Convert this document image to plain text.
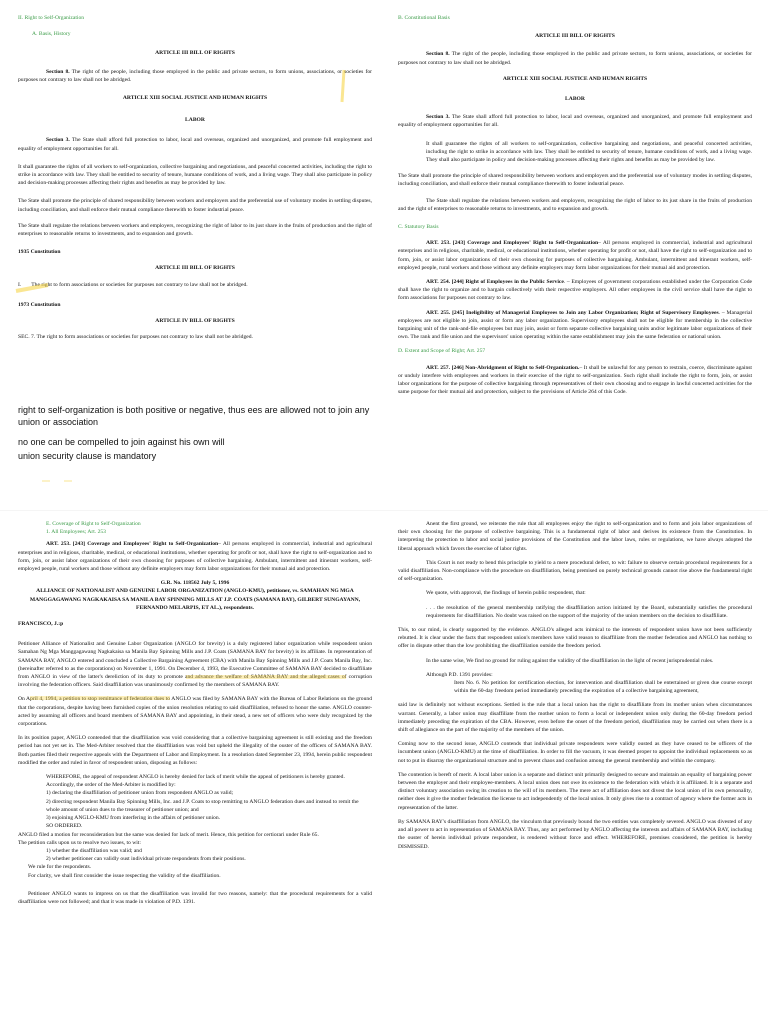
II. Right to Self-Organization
A. Basis, History
ARTICLE III BILL OF RIGHTS

Section 8. The right of the people, including those employed in the public and private sectors, to form unions, associations, or societies for purposes not contrary to law shall not be abridged.

ARTICLE XIII SOCIAL JUSTICE AND HUMAN RIGHTS
LABOR

Section 3. The State shall afford full protection to labor, local and overseas, organized and unorganized, and promote full employment and equality of employment opportunities for all.

It shall guarantee the rights of all workers to self-organization, collective bargaining and negotiations, and peaceful concerted activities, including the right to strike in accordance with law. They shall be entitled to security of tenure, humane conditions of work, and a living wage. They shall also participate in policy and decision-making processes affecting their rights and benefits as may be provided by law.

The State shall promote the principle of shared responsibility between workers and employers and the preferential use of voluntary modes in settling disputes, including conciliation, and shall enforce their mutual compliance therewith to foster industrial peace.

The State shall regulate the relations between workers and employers, recognizing the right of labor to its just share in the fruits of production and the right of enterprises to reasonable returns to investments, and to expansion and growth.

1935 Constitution
ARTICLE III BILL OF RIGHTS
I. The right to form associations or societies for purposes not contrary to law shall not be abridged.
1973 Constitution
ARTICLE IV BILL OF RIGHTS
SEC. 7. The right to form associations or societies for purposes not contrary to law shall not be abridged.
right to self-organization is both positive or negative, thus ees are allowed not to join any union or association
no one can be compelled to join against his own will
union security clause is mandatory
B. Constitutional Basis
ARTICLE III BILL OF RIGHTS

Section 8. The right of the people, including those employed in the public and private sectors, to form unions, associations, or societies for purposes not contrary to law shall not be abridged.

ARTICLE XIII SOCIAL JUSTICE AND HUMAN RIGHTS
LABOR

Section 3. The State shall afford full protection to labor, local and overseas, organized and unorganized, and promote full employment and equality of employment opportunities for all.

It shall guarantee the rights of all workers to self-organization, collective bargaining and negotiations, and peaceful concerted activities, including the right to strike in accordance with law. They shall be entitled to security of tenure, humane conditions of work, and a living wage. They shall also participate in policy and decision-making processes affecting their rights and benefits as may be provided by law.

The State shall promote the principle of shared responsibility between workers and employers and the preferential use of voluntary modes in settling disputes, including conciliation, and shall enforce their mutual compliance therewith to foster industrial peace.

The State shall regulate the relations between workers and employers, recognizing the right of labor to its just share in the fruits of production and the right of enterprises to reasonable returns to investments, and to expansion and growth.

C. Statutory Basis

ART. 253. [243] Coverage and Employees' Right to Self-Organization– All persons employed in commercial, industrial and agricultural enterprises and in religious, charitable, medical, or educational institutions, whether operating for profit or not, shall have the right to self-organization and to form, join, or assist labor organizations of their own choosing for purposes of collective bargaining. Ambulant, intermittent and itinerant workers, self-employed people, rural workers and those without any definite employers may form labor organizations for their mutual aid and protection.

ART. 254. [244] Right of Employees in the Public Service. – Employees of government corporations established under the Corporation Code shall have the right to organize and to bargain collectively with their respective employers. All other employees in the civil service shall have the right to form associations for purposes not contrary to law.

ART. 255. [245] Ineligibility of Managerial Employees to Join any Labor Organization; Right of Supervisory Employees. – Managerial employees are not eligible to join, assist or form any labor organization. Supervisory employees shall not be eligible for membership in the collective bargaining unit of the rank-and-file employees but may join, assist or form separate collective bargaining units and/or legitimate labor organizations of their own. The rank and file union and the supervisors' union operating within the same establishment may join the same federation or national union.

D. Extent and Scope of Right; Art. 257

ART. 257. [246] Non-Abridgment of Right to Self-Organization.– It shall be unlawful for any person to restrain, coerce, discriminate against or unduly interfere with employees and workers in their exercise of the right to self-organization. Such right shall include the right to form, join, or assist labor organizations for the purpose of collective bargaining through representatives of their own choosing and to engage in lawful concerted activities for the same purpose for their mutual aid and protection, subject to the provisions of Article 264 of this Code.

E. Coverage of Right to Self-Organization
1. All Employees; Art. 253

ART. 253. [243] Coverage and Employees' Right to Self-Organization– All persons employed in commercial, industrial and agricultural enterprises and in religious, charitable, medical, or educational institutions, whether operating for profit or not, shall have the right to self-organization and to form, join, or assist labor organizations of their own choosing for purposes of collective bargaining. Ambulant, intermittent and itinerant workers, self-employed people, rural workers and those without any definite employers may form labor organizations for their mutual aid and protection.

G.R. No. 118562 July 5, 1996
ALLIANCE OF NATIONALIST AND GENUINE LABOR ORGANIZATION (ANGLO-KMU), petitioner, vs. SAMAHAN NG MGA MANGGAGAWANG NAGKAKAISA SA MANILA BAY SPINNING MILLS AT J.P. COATS (SAMANA BAY), GILBERT SUNGAYANN, FERNANDO MELARPIS, ET AL.), respondents.
FRANCISCO, J.:p

Petitioner Alliance of Nationalist and Genuine Labor Organization (ANGLO for brevity) is a duly registered labor organization while respondent union Samahan Ng Mga Manggagawang Nagkakaisa sa Manila Bay Spinning Mills and J.P. Coats (SAMANA BAY for brevity) is its affiliate. In representation of SAMANA BAY, ANGLO entered and concluded a Collective Bargaining Agreement (CBA) with Manila Bay Spinning Mills and J.P. Coats Manila Bay, Inc. (hereinafter referred to as the corporations) on November 1, 1991. On December 4, 1993, the Executive Committee of SAMANA BAY decided to disaffiliate from ANGLO in view of the latter's dereliction of its duty to promote and advance the welfare of SAMANA BAY and the alleged cases of corruption involving the federation officers. Said disaffiliation was unanimously confirmed by the members of SAMANA BAY.

On April 4, 1994, a petition to stop remittance of federation dues to ANGLO was filed by SAMANA BAY with the Bureau of Labor Relations on the ground that the corporations, despite having been furnished copies of the union resolution relating to said disaffiliation, refused to honor the same. ANGLO counter-acted by assuming all officers and board members of SAMANA BAY and appointing, in their stead, a new set of officers who were duly recognized by the corporations.

In its position paper, ANGLO contended that the disaffiliation was void considering that a collective bargaining agreement is still existing and the freedom period has not yet set in. The Med-Arbiter resolved that the disaffiliation was void but upheld the illegality of the ouster of the officers of SAMANA BAY. Both parties filed their respective appeals with the Department of Labor and Employment. In a resolution dated September 23, 1994, herein public respondent modified the order and ruled in favor of respondent union, disposing as follows:

WHEREFORE, the appeal of respondent ANGLO is hereby denied for lack of merit while the appeal of petitioners is hereby granted. Accordingly, the order of the Med-Arbiter is modified by:
1) declaring the disaffiliation of petitioner union from respondent ANGLO as valid;
2) directing respondent Manila Bay Spinning Mills, Inc. and J.P. Coats to stop remitting to ANGLO federation dues and instead to remit the whole amount of union dues to the treasurer of petitioner union; and
3) enjoining ANGLO-KMU from interfering in the affairs of petitioner union.
SO ORDERED.
ANGLO filed a motion for reconsideration but the same was denied for lack of merit. Hence, this petition for certiorari under Rule 65.
The petition calls upon us to resolve two issues, to wit:
1) whether the disaffiliation was valid; and
2) whether petitioner can validly oust individual private respondents from their positions.
We rule for the respondents.
For clarity, we shall first consider the issue respecting the validity of the disaffiliation.

Petitioner ANGLO wants to impress on us that the disaffiliation was invalid for two reasons, namely: that the procedural requirements for a valid disaffiliation were not followed; and that it was made in violation of P.D. 1391.

Anent the first ground, we reiterate the rule that all employees enjoy the right to self-organization and to form and join labor organizations of their own choosing for the purpose of collective bargaining. This is a fundamental right of labor and derives its existence from the Constitution. In interpreting the protection to labor and social justice provisions of the Constitution and the labor laws, rules or regulations, we have always adopted the liberal approach which favors the exercise of labor rights.

This Court is not ready to bend this principle to yield to a mere procedural defect, to wit: failure to observe certain procedural requirements for a valid disaffiliation. Non-compliance with the procedure on disaffiliation, being premised on purely technical grounds cannot rise above the fundamental right of self-organization.

We quote, with approval, the findings of herein public respondent, that:

. . . the resolution of the general membership ratifying the disaffiliation action initiated by the Board, substantially satisfies the procedural requirements for disaffiliation. No doubt was raised on the support of the majority of the union members on the decision to disaffiliate.

This, to our mind, is clearly supported by the evidence. ANGLO's alleged acts inimical to the interests of respondent union have not been sufficiently rebutted. It is clear under the facts that respondent union's members have valid reason to disaffiliate from the mother federation and ANGLO has nothing to offer in dispute other than the low prohibiting the disaffiliation outside the freedom period.

In the same wise, We find no ground for ruling against the validity of the disaffiliation in the light of recent jurisprudential rules.

Although P.D. 1391 provides:

Item No. 6. No petition for certification election, for intervention and disaffiliation shall be entertained or given due course except within the 60-day freedom period immediately preceding the expiration of a collective bargaining agreement,

said law is definitely not without exceptions. Settled is the rule that a local union has the right to disaffiliate from its mother union when circumstances warrant. Generally, a labor union may disaffiliate from the mother union to form a local or independent union only during the 60-day freedom period immediately preceding the expiration of the CBA. However, even before the onset of the freedom period, disaffiliation may be carried out when there is a shift of allegiance on the part of the majority of the members of the union.

Coming now to the second issue, ANGLO contends that individual private respondents were validly ousted as they have ceased to be officers of the incumbent union (ANGLO-KMU) at the time of disaffiliation. In order to fill the vacuum, it was deemed proper to appoint the individual replacements so as not to put in disarray the organizational structure and to prevent chaos and confusion among the general membership and within the company.

The contention is bereft of merit. A local labor union is a separate and distinct unit primarily designed to secure and maintain an equality of bargaining power between the employer and their employee-members. A local union does not owe its existence to the federation with which it is affiliated. It is a separate and distinct voluntary association owing its creation to the will of its members. The mere act of affiliation does not divest the local union of its own personality, neither does it give the mother federation the license to act independently of the local union. It only gives rise to a contract of agency where the former acts in representation of the latter.

By SAMANA BAY's disaffiliation from ANGLO, the vinculum that previously bound the two entities was completely severed. ANGLO was divested of any and all power to act in representation of SAMANA BAY. Thus, any act performed by ANGLO affecting the interests and affairs of SAMANA BAY, including the ouster of herein individual private respondent, is rendered without force and effect. WHEREFORE, premises considered, the petition is hereby DISMISSED.
